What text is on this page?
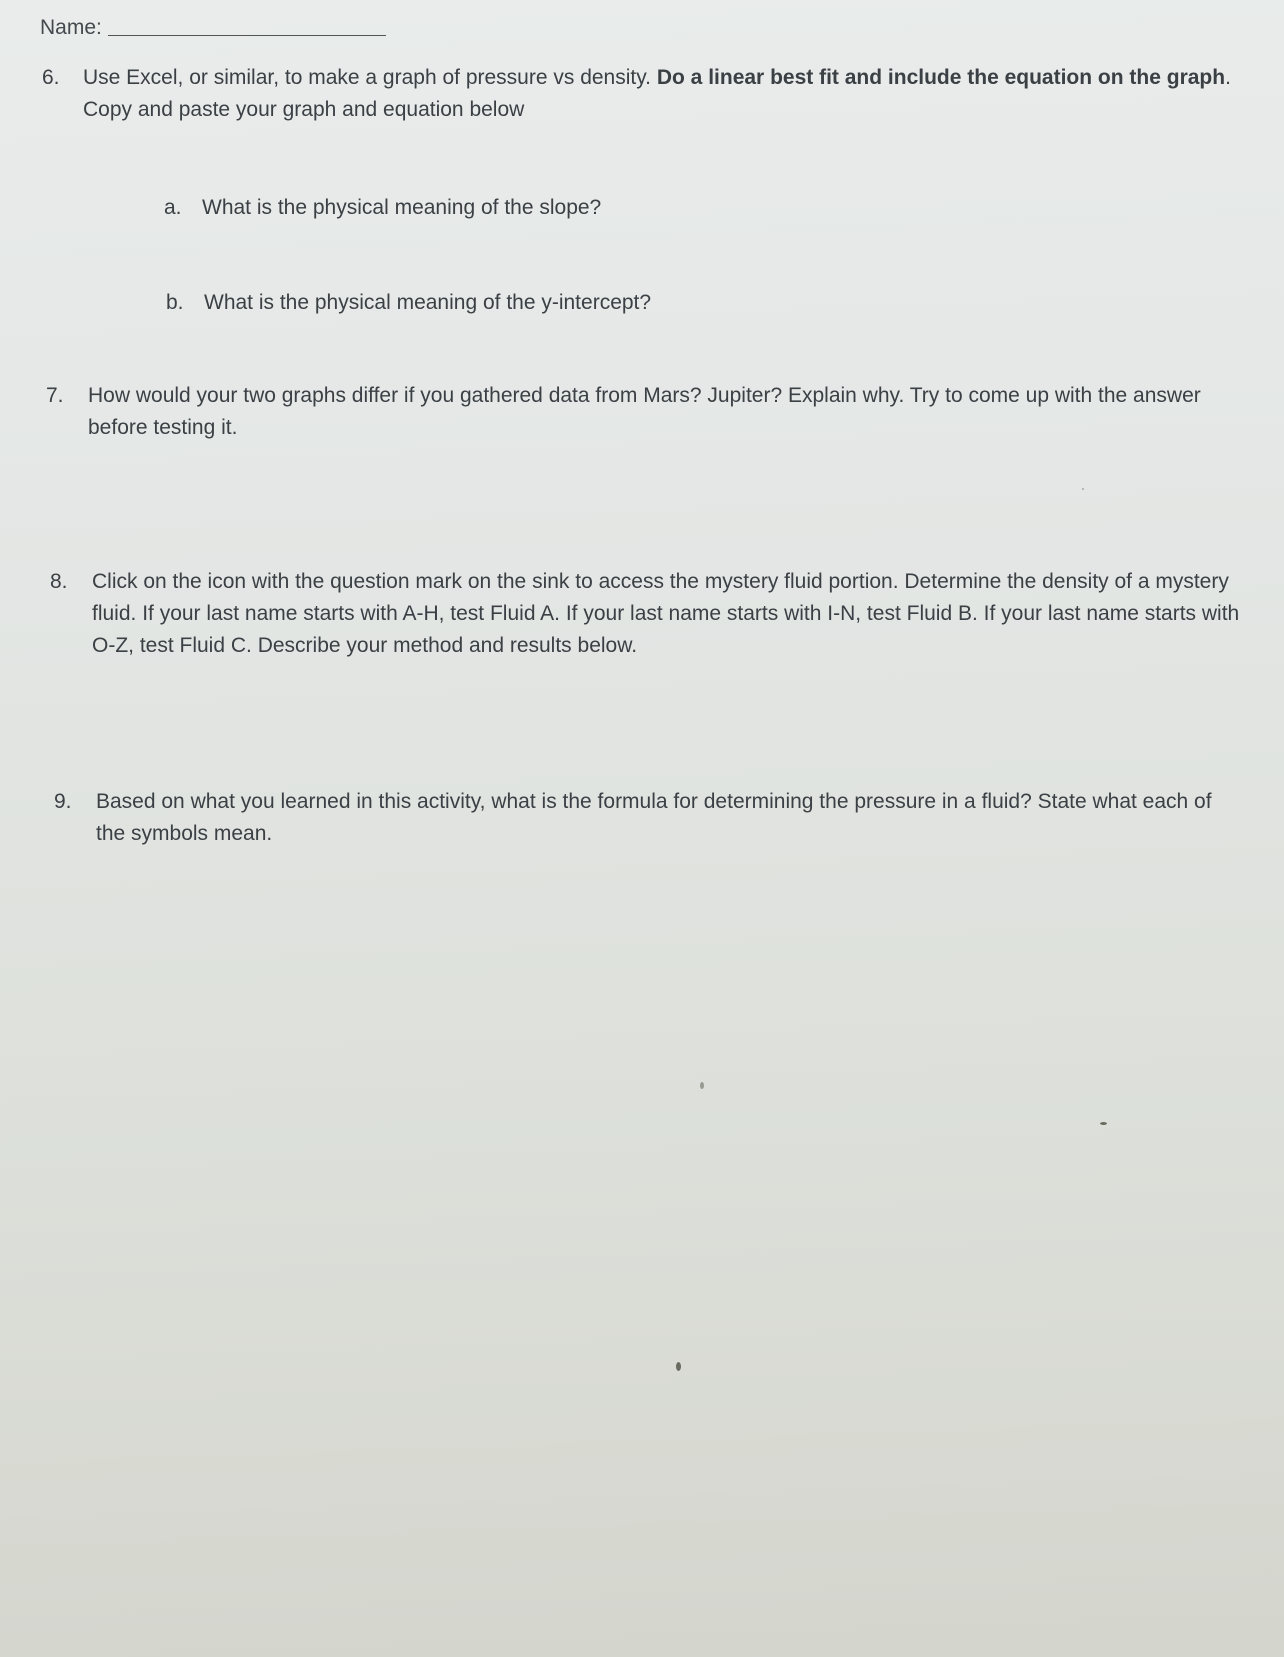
Name:
6. Use Excel, or similar, to make a graph of pressure vs density. Do a linear best fit and include the equation on the graph. Copy and paste your graph and equation below
a. What is the physical meaning of the slope?
b. What is the physical meaning of the y-intercept?
7. How would your two graphs differ if you gathered data from Mars? Jupiter? Explain why. Try to come up with the answer before testing it.
8. Click on the icon with the question mark on the sink to access the mystery fluid portion. Determine the density of a mystery fluid. If your last name starts with A-H, test Fluid A. If your last name starts with I-N, test Fluid B. If your last name starts with O-Z, test Fluid C. Describe your method and results below.
9. Based on what you learned in this activity, what is the formula for determining the pressure in a fluid? State what each of the symbols mean.
